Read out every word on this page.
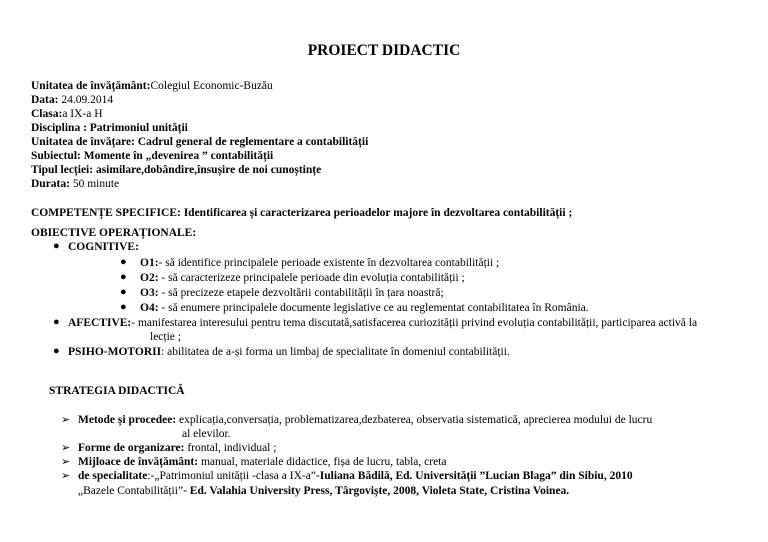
PROIECT DIDACTIC
Unitatea de învățământ:Colegiul Economic-Buzău
Data: 24.09.2014
Clasa:a IX-a H
Disciplina : Patrimoniul unității
Unitatea de învățare: Cadrul general de reglementare a contabilității
Subiectul: Momente în „devenirea ” contabilității
Tipul lecției: asimilare,dobândire,însușire de noi cunoștințe
Durata: 50 minute
COMPETENȚE SPECIFICE: Identificarea și caracterizarea perioadelor majore în dezvoltarea contabilității ;
OBIECTIVE OPERAȚIONALE:
● COGNITIVE:
● O1:- să identifice principalele perioade existente în dezvoltarea contabilității ;
● O2: - să caracterizeze principalele perioade din evoluția contabilității ;
● O3: - să precizeze etapele dezvoltării contabilității în țara noastră;
● O4: - să enumere principalele documente legislative ce au reglementat contabilitatea în România.
● AFECTIVE:- manifestarea interesului pentru tema discutată,satisfacerea curiozității privind evoluția contabilității, participarea activă la
lecție ;
● PSIHO-MOTORII: abilitatea de a-și forma un limbaj de specialitate în domeniul contabilității.
STRATEGIA DIDACTICĂ
➢ Metode și procedee: explicația,conversația, problematizarea,dezbaterea, observatia sistematică, aprecierea modului de lucru
al elevilor.
➢ Forme de organizare: frontal, individual ;
➢ Mijloace de învățământ: manual, materiale didactice, fișa de lucru, tabla, creta
➢ de specialitate:-„Patrimoniul unității -clasa a IX-a”-Iuliana Bădilă, Ed. Universității ”Lucian Blaga” din Sibiu, 2010
„Bazele Contabilității”- Ed. Valahia University Press, Târgoviște, 2008, Violeta State, Cristina Voinea.
